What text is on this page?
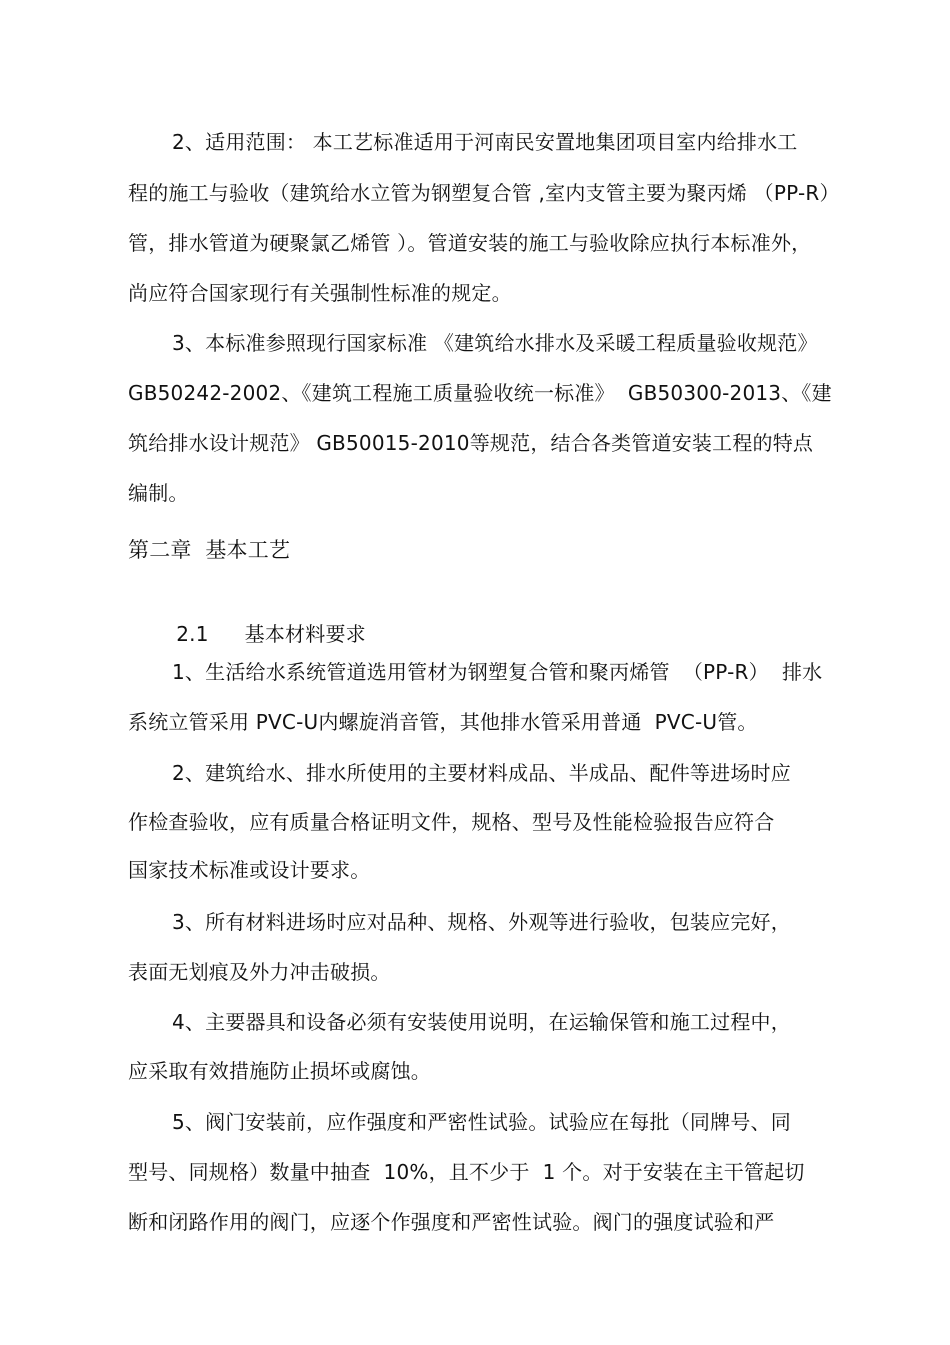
2、适用范围： 本工艺标准适用于河南民安置地集团项目室内给排水工
程的施工与验收（建筑给水立管为钢塑复合管 ,室内支管主要为聚丙烯 （PP-R）
管，排水管道为硬聚氯乙烯管 ）。管道安装的施工与验收除应执行本标准外，
尚应符合国家现行有关强制性标准的规定。
3、本标准参照现行国家标准 《建筑给水排水及采暖工程质量验收规范》
GB50242-2002、《建筑工程施工质量验收统一标准》  GB50300-2013、《建
筑给排水设计规范》 GB50015-2010等规范，结合各类管道安装工程的特点
编制。
第二章  基本工艺

2.1 基本材料要求

1、生活给水系统管道选用管材为钢塑复合管和聚丙烯管  （PP-R）  排水
系统立管采用 PVC-U内螺旋消音管，其他排水管采用普通  PVC-U管。
2、建筑给水、排水所使用的主要材料成品、半成品、配件等进场时应
作检查验收，应有质量合格证明文件，规格、型号及性能检验报告应符合
国家技术标准或设计要求。
3、所有材料进场时应对品种、规格、外观等进行验收，包装应完好，
表面无划痕及外力冲击破损。
4、主要器具和设备必须有安装使用说明，在运输保管和施工过程中，
应采取有效措施防止损坏或腐蚀。
5、阀门安装前，应作强度和严密性试验。试验应在每批（同牌号、同
型号、同规格）数量中抽查  10%，且不少于  1 个。对于安装在主干管起切
断和闭路作用的阀门，应逐个作强度和严密性试验。阀门的强度试验和严
